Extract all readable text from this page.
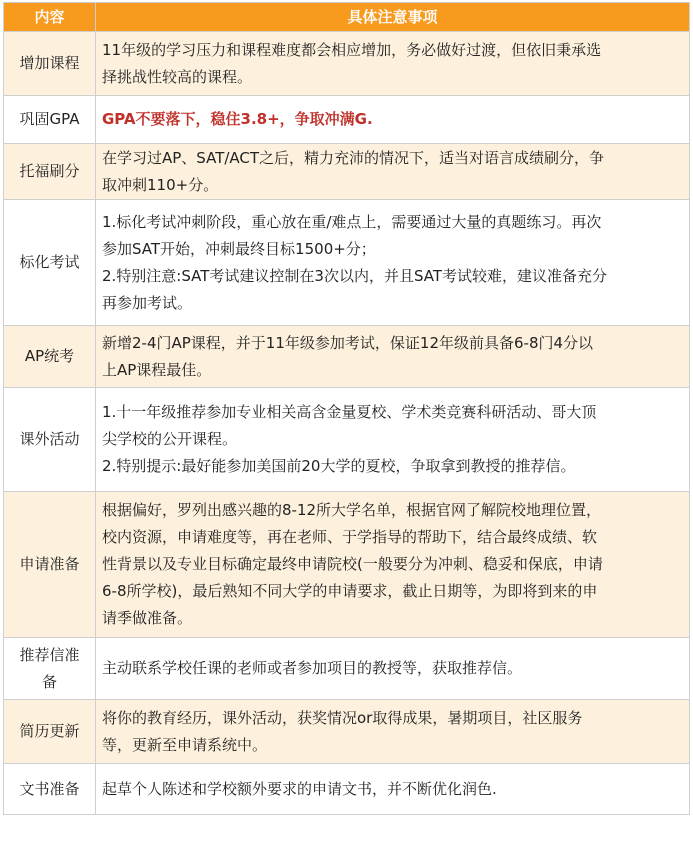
内容	具体注意事项

增加课程	11年级的学习压力和课程难度都会相应增加，务必做好过渡，但依旧秉承选
择挑战性较高的课程。

巩固GPA	GPA不要落下，稳住3.8+，争取冲满G.

托福刷分	在学习过AP、SAT/ACT之后，精力充沛的情况下，适当对语言成绩刷分，争
取冲刺110+分。

标化考试	1.标化考试冲刺阶段，重心放在重/难点上，需要通过大量的真题练习。再次
参加SAT开始，冲刺最终目标1500+分；
2.特别注意:SAT考试建议控制在3次以内，并且SAT考试较难，建议准备充分
再参加考试。

AP统考	新增2-4门AP课程，并于11年级参加考试，保证12年级前具备6-8门4分以
上AP课程最佳。

课外活动	1.十一年级推荐参加专业相关高含金量夏校、学术类竞赛科研活动、哥大顶
尖学校的公开课程。
2.特别提示:最好能参加美国前20大学的夏校，争取拿到教授的推荐信。

申请准备	根据偏好，罗列出感兴趣的8-12所大学名单，根据官网了解院校地理位置，
校内资源，申请难度等，再在老师、于学指导的帮助下，结合最终成绩、软
性背景以及专业目标确定最终申请院校(一般要分为冲刺、稳妥和保底，申请
6-8所学校)，最后熟知不同大学的申请要求，截止日期等，为即将到来的申
请季做准备。

推荐信准
备	主动联系学校任课的老师或者参加项目的教授等，获取推荐信。

简历更新	将你的教育经历，课外活动，获奖情况or取得成果，暑期项目，社区服务
等，更新至申请系统中。

文书准备	起草个人陈述和学校额外要求的申请文书，并不断优化润色.
